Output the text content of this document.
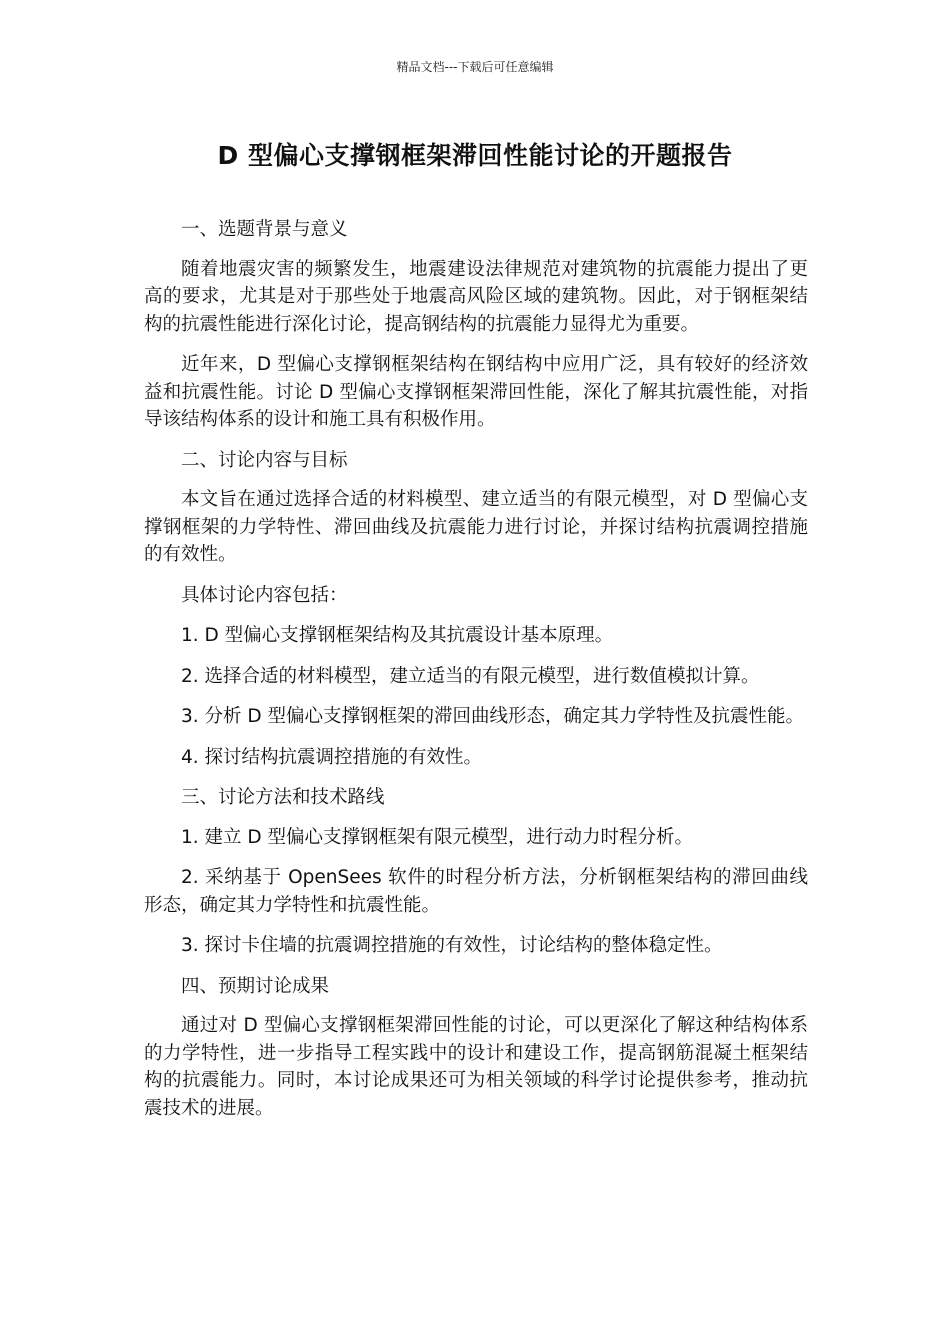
精品文档---下载后可任意编辑
D 型偏心支撑钢框架滞回性能讨论的开题报告

一、选题背景与意义

随着地震灾害的频繁发生，地震建设法律规范对建筑物的抗震能力提出了更高的要求，尤其是对于那些处于地震高风险区域的建筑物。因此，对于钢框架结构的抗震性能进行深化讨论，提高钢结构的抗震能力显得尤为重要。

近年来，D 型偏心支撑钢框架结构在钢结构中应用广泛，具有较好的经济效益和抗震性能。讨论 D 型偏心支撑钢框架滞回性能，深化了解其抗震性能，对指导该结构体系的设计和施工具有积极作用。

二、讨论内容与目标

本文旨在通过选择合适的材料模型、建立适当的有限元模型，对 D 型偏心支撑钢框架的力学特性、滞回曲线及抗震能力进行讨论，并探讨结构抗震调控措施的有效性。

具体讨论内容包括：

1. D 型偏心支撑钢框架结构及其抗震设计基本原理。

2. 选择合适的材料模型，建立适当的有限元模型，进行数值模拟计算。

3. 分析 D 型偏心支撑钢框架的滞回曲线形态，确定其力学特性及抗震性能。

4. 探讨结构抗震调控措施的有效性。

三、讨论方法和技术路线

1. 建立 D 型偏心支撑钢框架有限元模型，进行动力时程分析。

2. 采纳基于 OpenSees 软件的时程分析方法，分析钢框架结构的滞回曲线形态，确定其力学特性和抗震性能。

3. 探讨卡住墙的抗震调控措施的有效性，讨论结构的整体稳定性。

四、预期讨论成果

通过对 D 型偏心支撑钢框架滞回性能的讨论，可以更深化了解这种结构体系的力学特性，进一步指导工程实践中的设计和建设工作，提高钢筋混凝土框架结构的抗震能力。同时，本讨论成果还可为相关领域的科学讨论提供参考，推动抗震技术的进展。
